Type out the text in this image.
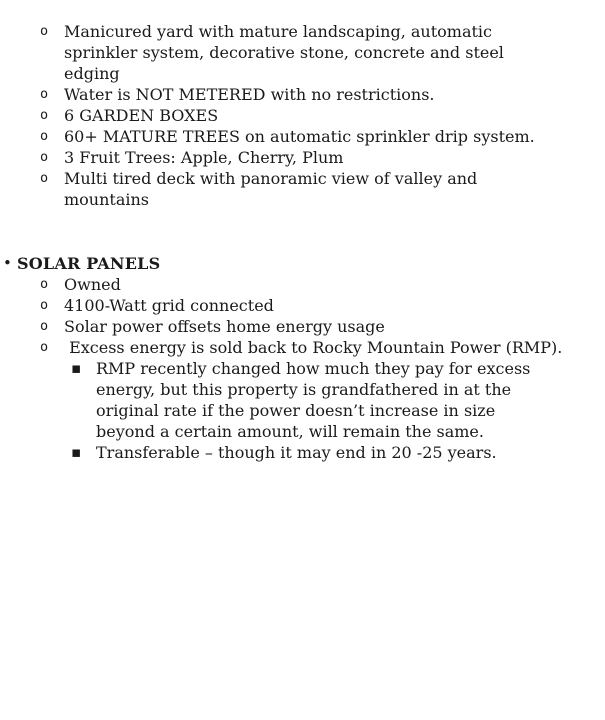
o Manicured yard with mature landscaping, automatic sprinkler system, decorative stone, concrete and steel edging
o Water is NOT METERED with no restrictions.
o 6 GARDEN BOXES
o 60+ MATURE TREES on automatic sprinkler drip system.
o 3 Fruit Trees: Apple, Cherry, Plum
o Multi tired deck with panoramic view of valley and mountains
• SOLAR PANELS
o Owned
o 4100-Watt grid connected
o Solar power offsets home energy usage
o Excess energy is sold back to Rocky Mountain Power (RMP).
▪ RMP recently changed how much they pay for excess energy, but this property is grandfathered in at the original rate if the power doesn’t increase in size beyond a certain amount, will remain the same.
▪ Transferable – though it may end in 20 -25 years.
